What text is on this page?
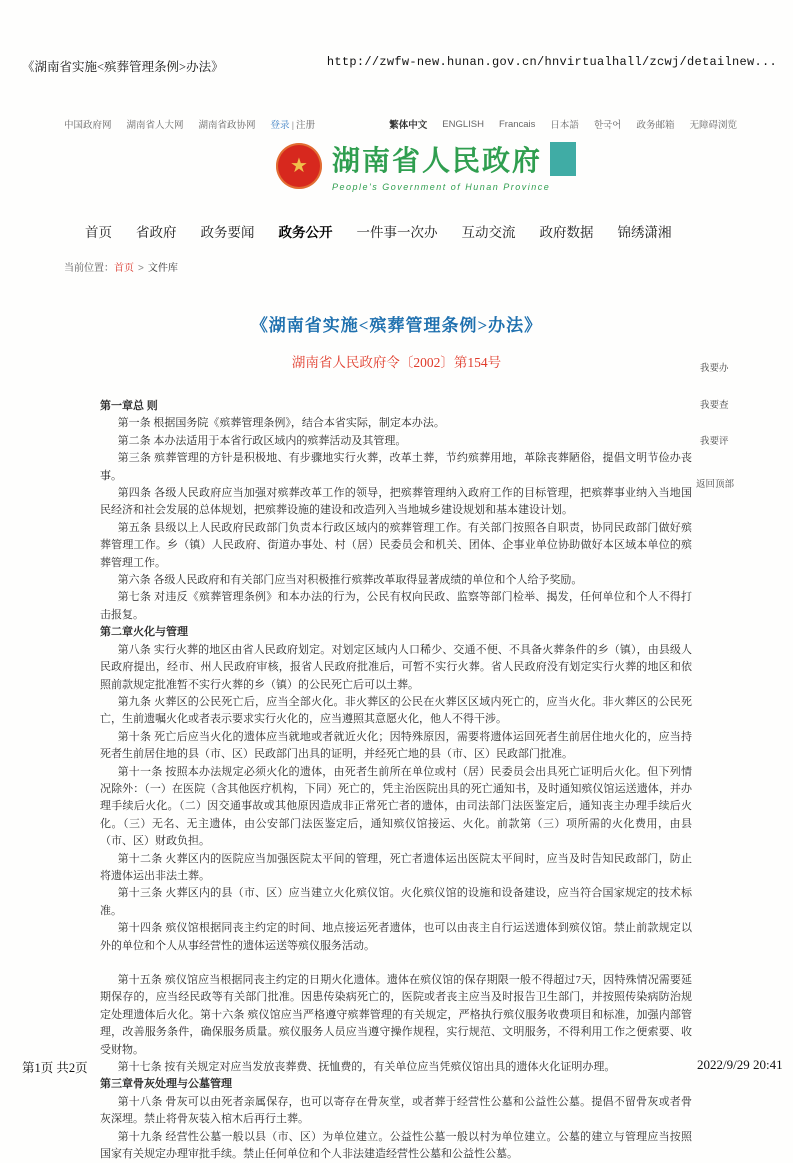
《湖南省实施<殡葬管理条例>办法》	http://zwfw-new.hunan.gov.cn/hnvirtualhall/zcwj/detailnew...
中国政府网 湖南省人大网 湖南省政协网 登录 | 注册	繁体中文 ENGLISH Francais 日本語 한국어 政务邮箱 无障碍浏览
★ 湖南省人民政府
People's Government of Hunan Province
首页 省政府 政务要闻 政务公开 一件事一次办 互动交流 政府数据 锦绣潇湘
当前位置：首页 > 文件库
《湖南省实施<殡葬管理条例>办法》
湖南省人民政府令〔2002〕第154号

第一章总 则

第一条 根据国务院《殡葬管理条例》，结合本省实际，制定本办法。

第二条 本办法适用于本省行政区域内的殡葬活动及其管理。

第三条 殡葬管理的方针是积极地、有步骤地实行火葬，改革土葬，节约殡葬用地，革除丧葬陋俗，提倡文明节俭办丧事。

第四条 各级人民政府应当加强对殡葬改革工作的领导，把殡葬管理纳入政府工作的目标管理，把殡葬事业纳入当地国民经济和社会发展的总体规划，把殡葬设施的建设和改造列入当地城乡建设规划和基本建设计划。

第五条 县级以上人民政府民政部门负责本行政区域内的殡葬管理工作。有关部门按照各自职责，协同民政部门做好殡葬管理工作。乡（镇）人民政府、街道办事处、村（居）民委员会和机关、团体、企事业单位协助做好本区域本单位的殡葬管理工作。

第六条 各级人民政府和有关部门应当对积极推行殡葬改革取得显著成绩的单位和个人给予奖励。

第七条 对违反《殡葬管理条例》和本办法的行为，公民有权向民政、监察等部门检举、揭发，任何单位和个人不得打击报复。

第二章火化与管理

第八条 实行火葬的地区由省人民政府划定。对划定区域内人口稀少、交通不便、不具备火葬条件的乡（镇），由县级人民政府提出，经市、州人民政府审核，报省人民政府批准后，可暂不实行火葬。省人民政府没有划定实行火葬的地区和依照前款规定批准暂不实行火葬的乡（镇）的公民死亡后可以土葬。

第九条 火葬区的公民死亡后，应当全部火化。非火葬区的公民在火葬区区域内死亡的，应当火化。非火葬区的公民死亡，生前遗嘱火化或者表示要求实行火化的，应当遵照其意愿火化，他人不得干涉。

第十条 死亡后应当火化的遗体应当就地或者就近火化；因特殊原因，需要将遗体运回死者生前居住地火化的，应当持死者生前居住地的县（市、区）民政部门出具的证明，并经死亡地的县（市、区）民政部门批准。

第十一条 按照本办法规定必须火化的遗体，由死者生前所在单位或村（居）民委员会出具死亡证明后火化。但下列情况除外：（一）在医院（含其他医疗机构，下同）死亡的，凭主治医院出具的死亡通知书，及时通知殡仪馆运送遗体，并办理手续后火化。（二）因交通事故或其他原因造成非正常死亡者的遗体，由司法部门法医鉴定后，通知丧主办理手续后火化。（三）无名、无主遗体，由公安部门法医鉴定后，通知殡仪馆接运、火化。前款第（三）项所需的火化费用，由县（市、区）财政负担。

第十二条 火葬区内的医院应当加强医院太平间的管理，死亡者遗体运出医院太平间时，应当及时告知民政部门，防止将遗体运出非法土葬。

第十三条 火葬区内的县（市、区）应当建立火化殡仪馆。火化殡仪馆的设施和设备建设，应当符合国家规定的技术标准。

第十四条 殡仪馆根据同丧主约定的时间、地点接运死者遗体，也可以由丧主自行运送遗体到殡仪馆。禁止前款规定以外的单位和个人从事经营性的遗体运送等殡仪服务活动。

第十五条 殡仪馆应当根据同丧主约定的日期火化遗体。遗体在殡仪馆的保存期限一般不得超过7天，因特殊情况需要延期保存的，应当经民政等有关部门批准。因患传染病死亡的，医院或者丧主应当及时报告卫生部门，并按照传染病防治规定处理遗体后火化。第十六条 殡仪馆应当严格遵守殡葬管理的有关规定，严格执行殡仪服务收费项目和标准，加强内部管理，改善服务条件，确保服务质量。殡仪服务人员应当遵守操作规程，实行规范、文明服务，不得利用工作之便索要、收受财物。

第十七条 按有关规定对应当发放丧葬费、抚恤费的，有关单位应当凭殡仪馆出具的遗体火化证明办理。

第三章骨灰处理与公墓管理

第十八条 骨灰可以由死者亲属保存，也可以寄存在骨灰堂，或者葬于经营性公墓和公益性公墓。提倡不留骨灰或者骨灰深埋。禁止将骨灰装入棺木后再行土葬。

第十九条 经营性公墓一般以县（市、区）为单位建立。公益性公墓一般以村为单位建立。公墓的建立与管理应当按照国家有关规定办理审批手续。禁止任何单位和个人非法建造经营性公墓和公益性公墓。

我要办
我要查
我要评
返回顶部
第1页 共2页	2022/9/29 20:41
